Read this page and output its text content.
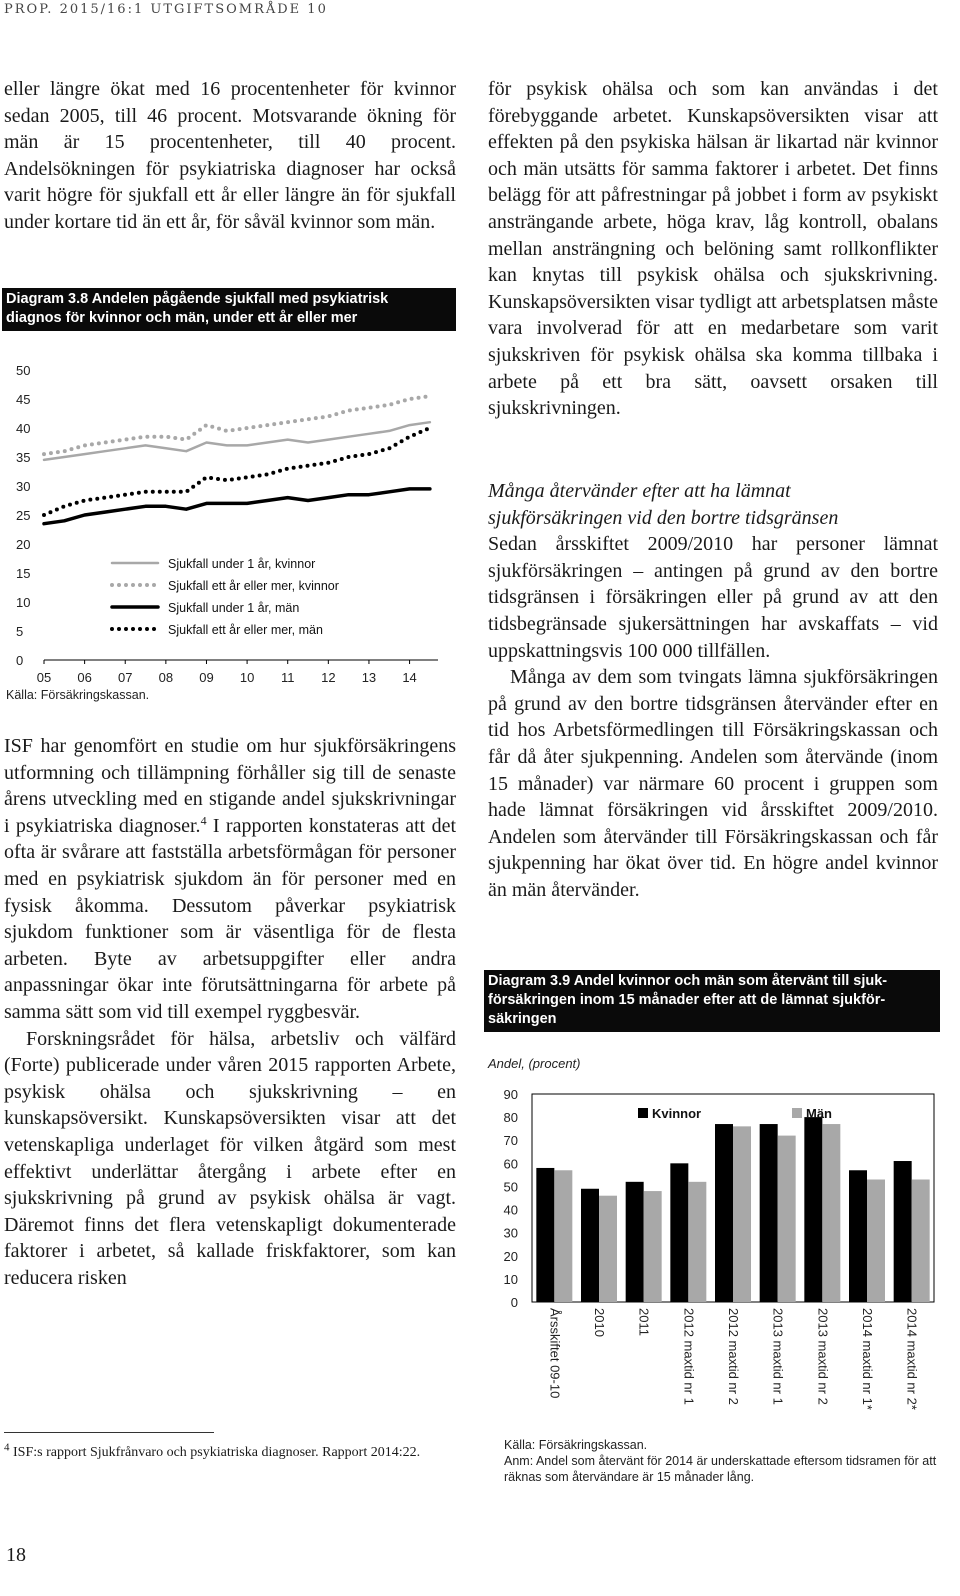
PROP. 2015/16:1 UTGIFTSOMRÅDE 10

eller längre ökat med 16 procentenheter för kvinnor sedan 2005, till 46 procent. Motsvarande ökning för män är 15 procentenheter, till 40 procent. Andelsökningen för psykiatriska diagnoser har också varit högre för sjukfall ett år eller längre än för sjukfall under kortare tid än ett år, för såväl kvinnor som män.

Diagram 3.8 Andelen pågående sjukfall med psykiatrisk
diagnos för kvinnor och män, under ett år eller mer
0
5
10
15
20
25
30
35
40
45
50
05 06 07 08 09 10 11 12 13 14
Sjukfall under 1 år, kvinnor
Sjukfall ett år eller mer, kvinnor
Sjukfall under 1 år, män
Sjukfall ett år eller mer, män
Källa: Försäkringskassan.

ISF har genomfört en studie om hur sjukförsäkringens utformning och tillämpning förhåller sig till de senaste årens utveckling med en stigande andel sjukskrivningar i psykiatriska diagnoser.$^4$ I rapporten konstateras att det ofta är svårare att fastställa arbetsförmågan för personer med en psykiatrisk sjukdom än för personer med en fysisk åkomma. Dessutom påverkar psykiatrisk sjukdom funktioner som är väsentliga för de flesta arbeten. Byte av arbetsuppgifter eller andra anpassningar ökar inte förutsättningarna för arbete på samma sätt som vid till exempel ryggbesvär.

Forskningsrådet för hälsa, arbetsliv och välfärd (Forte) publicerade under våren 2015 rapporten Arbete, psykisk ohälsa och sjukskrivning – en kunskapsöversikt. Kunskapsöversikten visar att det vetenskapliga underlaget för vilken åtgärd som mest effektivt underlättar återgång i arbete efter en sjukskrivning på grund av psykisk ohälsa är vagt. Däremot finns det flera vetenskapligt dokumenterade faktorer i arbetet, så kallade friskfaktorer, som kan reducera risken

$^4$ ISF:s rapport Sjukfrånvaro och psykiatriska diagnoser. Rapport 2014:22.

för psykisk ohälsa och som kan användas i det förebyggande arbetet. Kunskapsöversikten visar att effekten på den psykiska hälsan är likartad när kvinnor och män utsätts för samma faktorer i arbetet. Det finns belägg för att påfrestningar på jobbet i form av psykiskt ansträngande arbete, höga krav, låg kontroll, obalans mellan ansträngning och belöning samt rollkonflikter kan knytas till psykisk ohälsa och sjukskrivning. Kunskapsöversikten visar tydligt att arbetsplatsen måste vara involverad för att en medarbetare som varit sjukskriven för psykisk ohälsa ska komma tillbaka i arbete på ett bra sätt, oavsett orsaken till sjukskrivningen.

Många återvänder efter att ha lämnat
sjukförsäkringen vid den bortre tidsgränsen

Sedan årsskiftet 2009/2010 har personer lämnat sjukförsäkringen – antingen på grund av den bortre tidsgränsen i försäkringen eller på grund av att den tidsbegränsade sjukersättningen har avskaffats – vid uppskattningsvis 100 000 tillfällen.

Många av dem som tvingats lämna sjukförsäkringen på grund av den bortre tidsgränsen återvänder efter en tid hos Arbetsförmedlingen till Försäkringskassan och får då åter sjukpenning. Andelen som återvände (inom 15 månader) var närmare 60 procent i gruppen som hade lämnat försäkringen vid årsskiftet 2009/2010. Andelen som återvänder till Försäkringskassan och får sjukpenning har ökat över tid. En högre andel kvinnor än män återvänder.

Diagram 3.9 Andel kvinnor och män som återvänt till sjuk-
försäkringen inom 15 månader efter att de lämnat sjukför-
säkringen
Andel, (procent)
0
10
20
30
40
50
60
70
80
90
Årsskiftet 09-10 2010 2011 2012 maxtid nr 1 2012 maxtid nr 2 2013 maxtid nr 1 2013 maxtid nr 2 2014 maxtid nr 1* 2014 maxtid nr 2*
Kvinnor	Män
Källa: Försäkringskassan.
Anm: Andel som återvänt för 2014 är underskattade eftersom tidsramen för att
räknas som återvändare är 15 månader lång.
18
